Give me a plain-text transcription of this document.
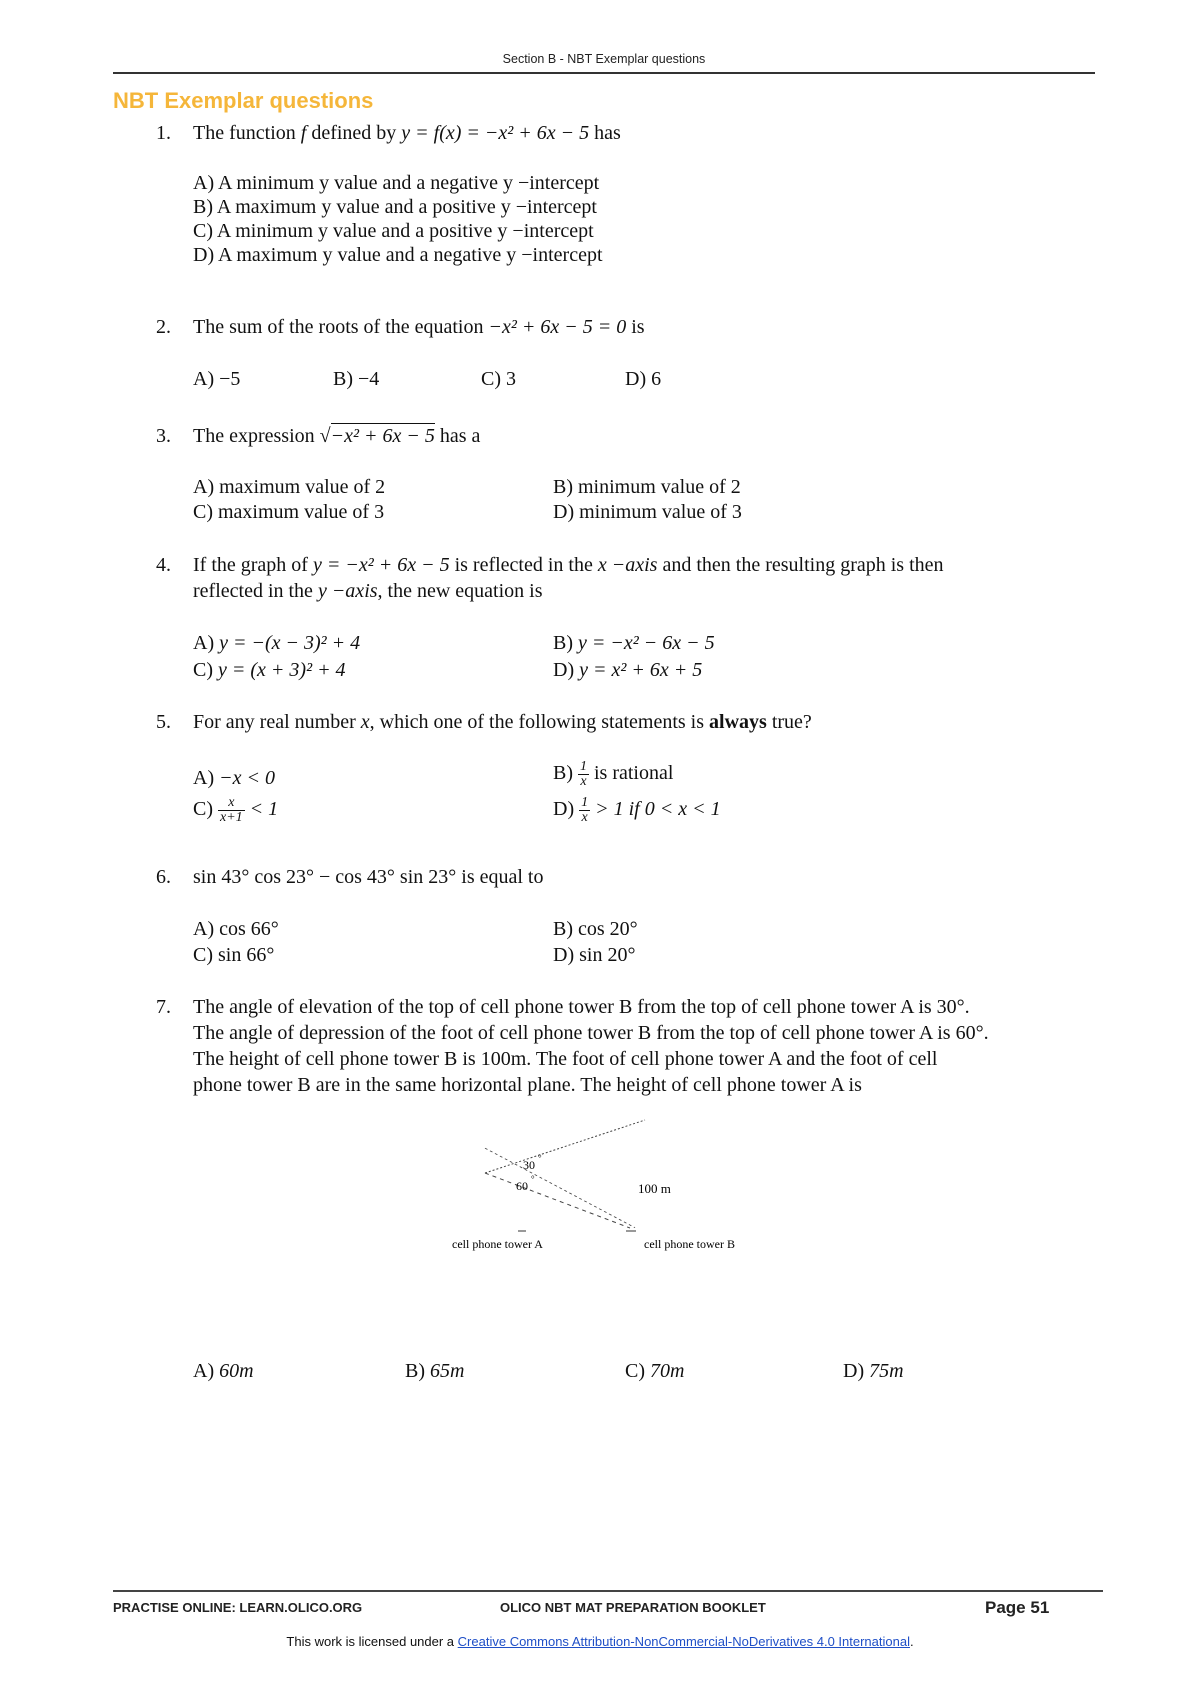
Section B - NBT Exemplar questions
NBT Exemplar questions
1.	The function f defined by y = f(x) = −x² + 6x − 5 has
A) A minimum y value and a negative y −intercept
B) A maximum y value and a positive y −intercept
C) A minimum y value and a positive y −intercept
D) A maximum y value and a negative y −intercept
2.	The sum of the roots of the equation −x² + 6x − 5 = 0 is
A) −5	B) −4	C) 3	D) 6
3.	The expression √−x² + 6x − 5 has a
A) maximum value of 2	B) minimum value of 2
C) maximum value of 3	D) minimum value of 3
4.	If the graph of y = −x² + 6x − 5 is reflected in the x −axis and then the resulting graph is then
reflected in the y −axis, the new equation is
A) y = −(x − 3)² + 4	B) y = −x² − 6x − 5
C) y = (x + 3)² + 4	D) y = x² + 6x + 5
5.	For any real number x, which one of the following statements is always true?
A) −x < 0	$B) \frac{1}{x}$ is rational
$C) \frac{x}{x+1} < 1$	$D) \frac{1}{x} > 1$ if 0 < x < 1
6.	sin 43° cos 23° − cos 43° sin 23° is equal to
A) cos 66°	B) cos 20°
C) sin 66°	D) sin 20°
7.	The angle of elevation of the top of cell phone tower B from the top of cell phone tower A is 30°.
The angle of depression of the foot of cell phone tower B from the top of cell phone tower A is 60°.
The height of cell phone tower B is 100m. The foot of cell phone tower A and the foot of cell
phone tower B are in the same horizontal plane. The height of cell phone tower A is
30 °
60 °
100 m
cell phone tower A	cell phone tower B
A) 60m	B) 65m	C) 70m	D) 75m
PRACTISE ONLINE: LEARN.OLICO.ORG	OLICO NBT MAT PREPARATION BOOKLET	Page 51
This work is licensed under a Creative Commons Attribution-NonCommercial-NoDerivatives 4.0 International.
